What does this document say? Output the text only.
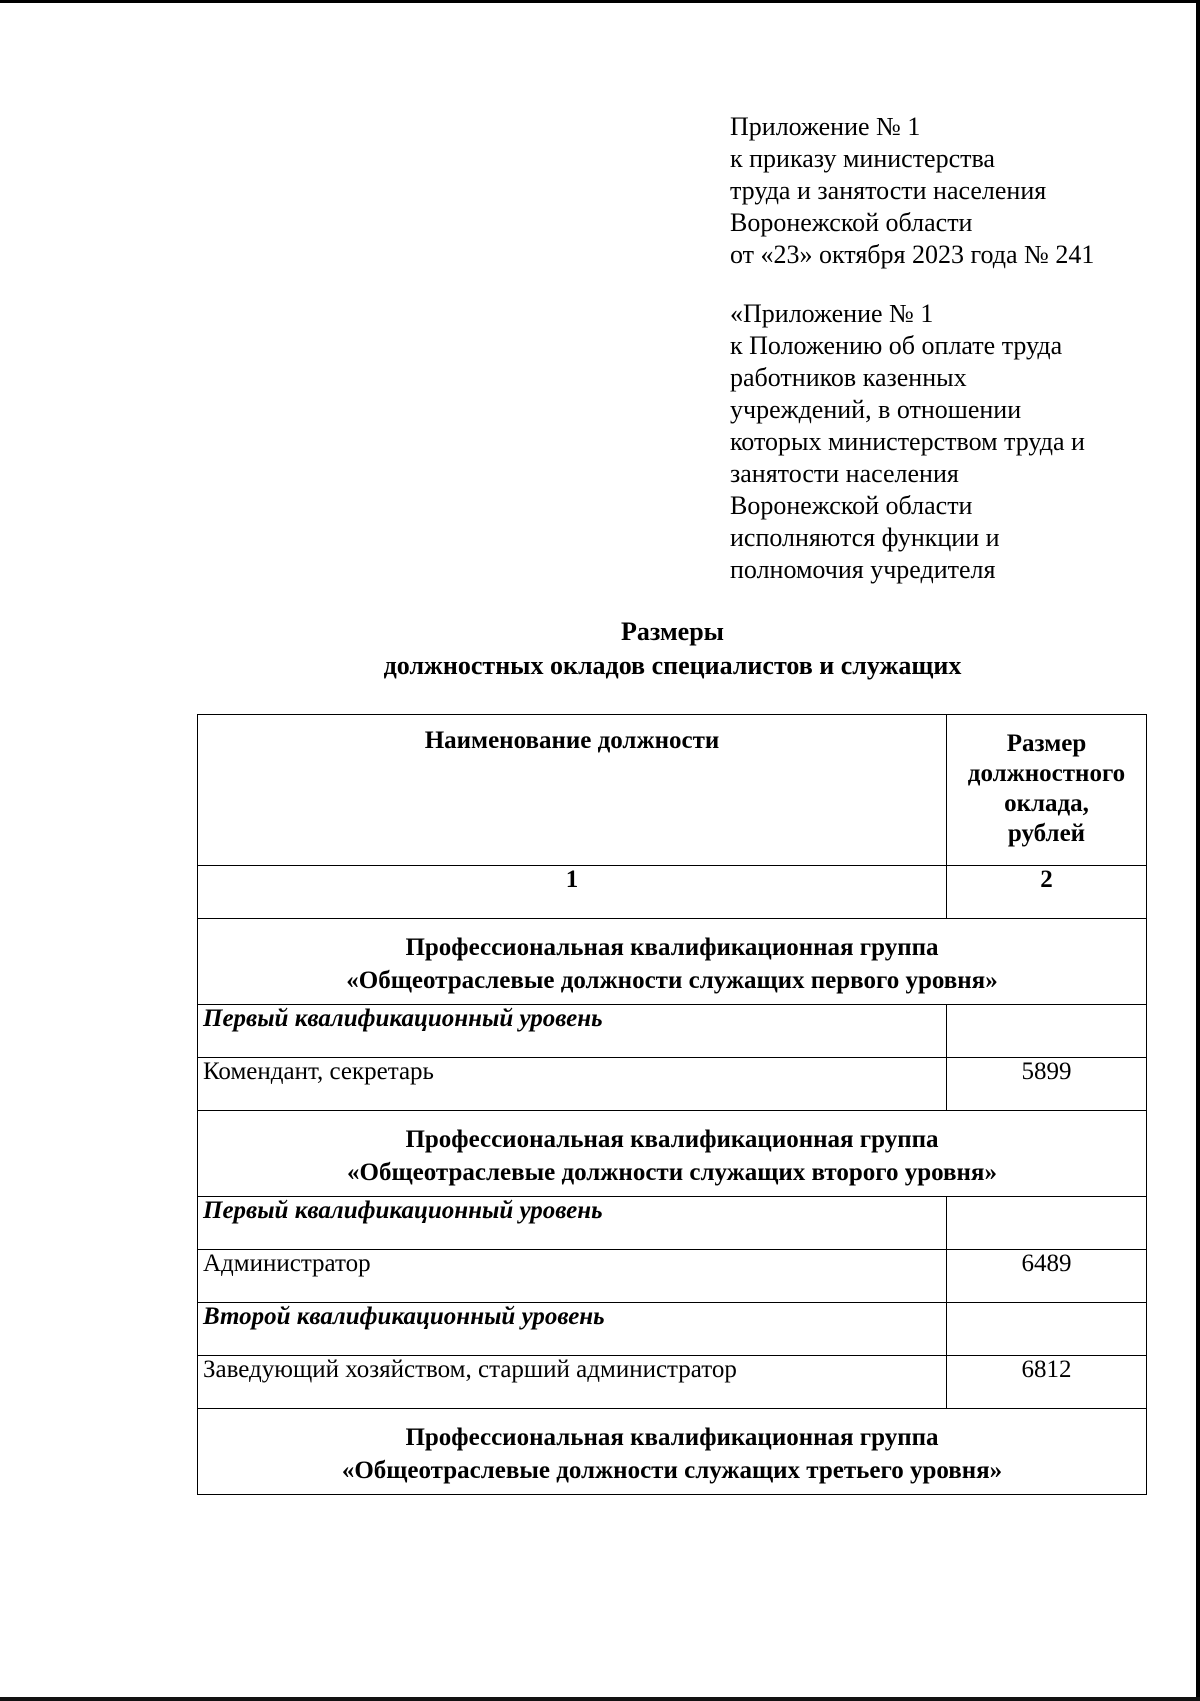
Приложение № 1
к приказу министерства
труда и занятости населения
Воронежской области
от «23» октября 2023 года № 241
«Приложение № 1
к Положению об оплате труда
работников казенных
учреждений, в отношении
которых министерством труда и
занятости населения
Воронежской области
исполняются функции и
полномочия учредителя
Размеры
должностных окладов специалистов и служащих
Наименование должности	Размер
должностного
оклада,
рублей

1	2

Профессиональная квалификационная группа
«Общеотраслевые должности служащих первого уровня»	

Первый квалификационный уровень	
Комендант, секретарь	5899

Профессиональная квалификационная группа
«Общеотраслевые должности служащих второго уровня»	

Первый квалификационный уровень	
Администратор	6489
Второй квалификационный уровень	
Заведующий хозяйством, старший администратор	6812

Профессиональная квалификационная группа
«Общеотраслевые должности служащих третьего уровня»	
